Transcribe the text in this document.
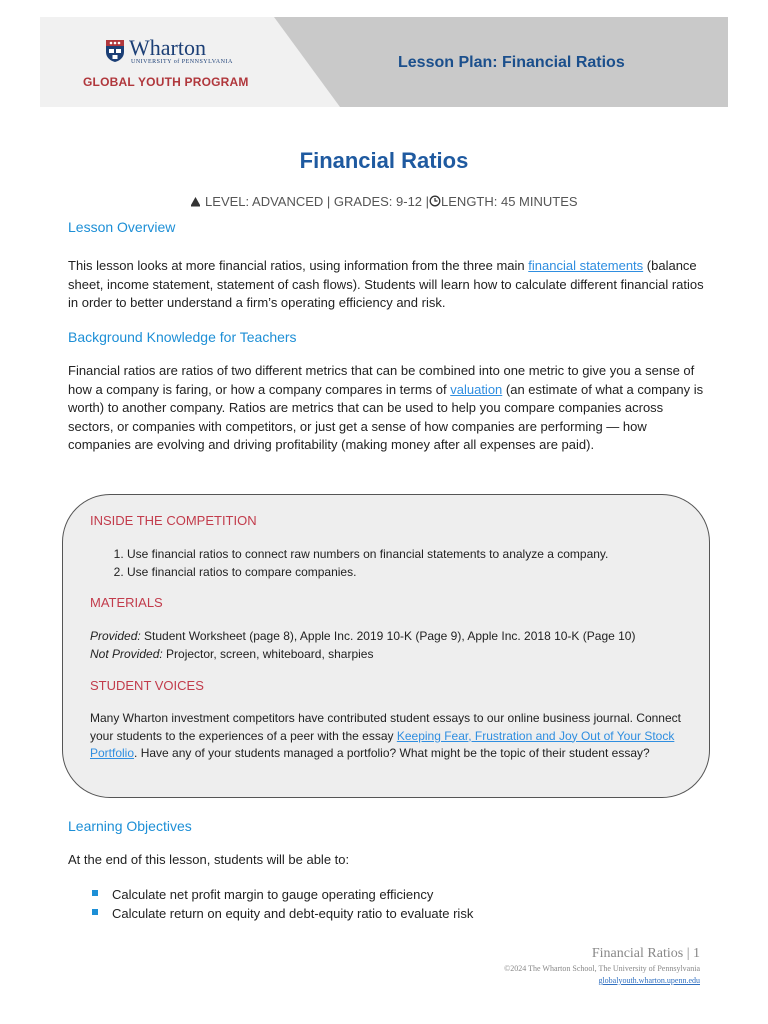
Wharton
UNIVERSITY of PENNSYLVANIA
GLOBAL YOUTH PROGRAM
Lesson Plan: Financial Ratios
Financial Ratios
LEVEL: ADVANCED | GRADES: 9-12 | LENGTH: 45 MINUTES
Lesson Overview

This lesson looks at more financial ratios, using information from the three main financial statements (balance sheet, income statement, statement of cash flows). Students will learn how to calculate different financial ratios in order to better understand a firm’s operating efficiency and risk.

Background Knowledge for Teachers

Financial ratios are ratios of two different metrics that can be combined into one metric to give you a sense of how a company is faring, or how a company compares in terms of valuation (an estimate of what a company is worth) to another company. Ratios are metrics that can be used to help you compare companies across sectors, or companies with competitors, or just get a sense of how companies are performing — how companies are evolving and driving profitability (making money after all expenses are paid).

INSIDE THE COMPETITION
1. Use financial ratios to connect raw numbers on financial statements to analyze a company.
2. Use financial ratios to compare companies.
MATERIALS

Provided: Student Worksheet (page 8), Apple Inc. 2019 10-K (Page 9), Apple Inc. 2018 10-K (Page 10)
Not Provided: Projector, screen, whiteboard, sharpies

STUDENT VOICES

Many Wharton investment competitors have contributed student essays to our online business journal. Connect your students to the experiences of a peer with the essay Keeping Fear, Frustration and Joy Out of Your Stock Portfolio. Have any of your students managed a portfolio? What might be the topic of their student essay?

Learning Objectives

At the end of this lesson, students will be able to:

Calculate net profit margin to gauge operating efficiency
Calculate return on equity and debt-equity ratio to evaluate risk
Financial Ratios | 1
©2024 The Wharton School, The University of Pennsylvania
globalyouth.wharton.upenn.edu
